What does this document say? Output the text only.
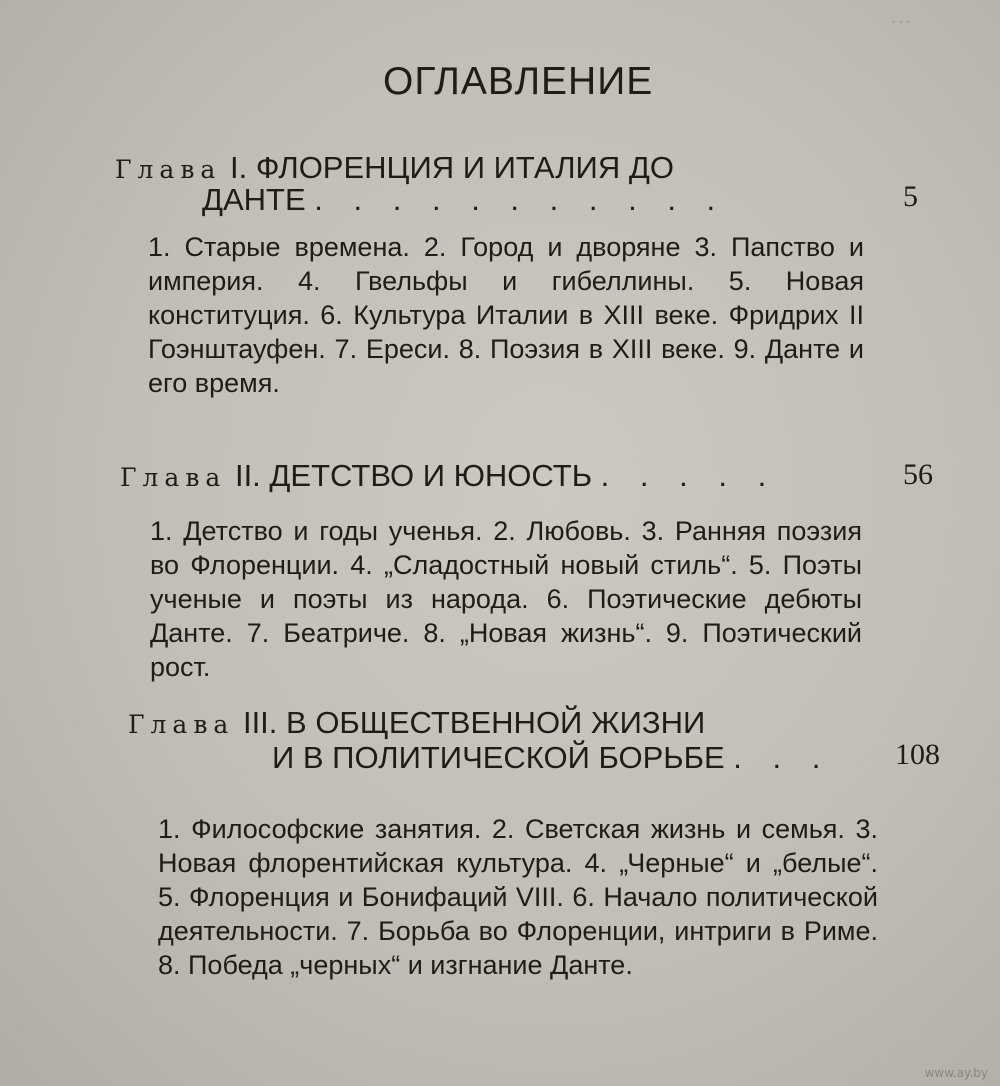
…
ОГЛАВЛЕНИЕ
Глава I. ФЛОРЕНЦИЯ И ИТАЛИЯ ДО
ДАНТЕ . . . . . . . . . . .	5
1. Старые времена. 2. Город и дворяне 3. Папство и империя. 4. Гвельфы и гибеллины. 5. Новая конституция. 6. Культура Италии в XIII веке. Фридрих II Гоэнштауфен. 7. Ереси. 8. Поэзия в XIII веке. 9. Данте и его время.
Глава II. ДЕТСТВО И ЮНОСТЬ . . . . .	56
1. Детство и годы ученья. 2. Любовь. 3. Ранняя поэзия во Флоренции. 4. „Сладостный новый стиль“. 5. Поэты ученые и поэты из народа. 6. Поэтические дебюты Данте. 7. Беатриче. 8. „Новая жизнь“. 9. Поэтический рост.
Глава III. В ОБЩЕСТВЕННОЙ ЖИЗНИ
И В ПОЛИТИЧЕСКОЙ БОРЬБЕ . . . 108
1. Философские занятия. 2. Светская жизнь и семья. 3. Новая флорентийская культура. 4. „Черные“ и „белые“. 5. Флоренция и Бонифаций VIII. 6. Начало политической деятельности. 7. Борьба во Флоренции, интриги в Риме. 8. Победа „черных“ и изгнание Данте.
www.ay.by
